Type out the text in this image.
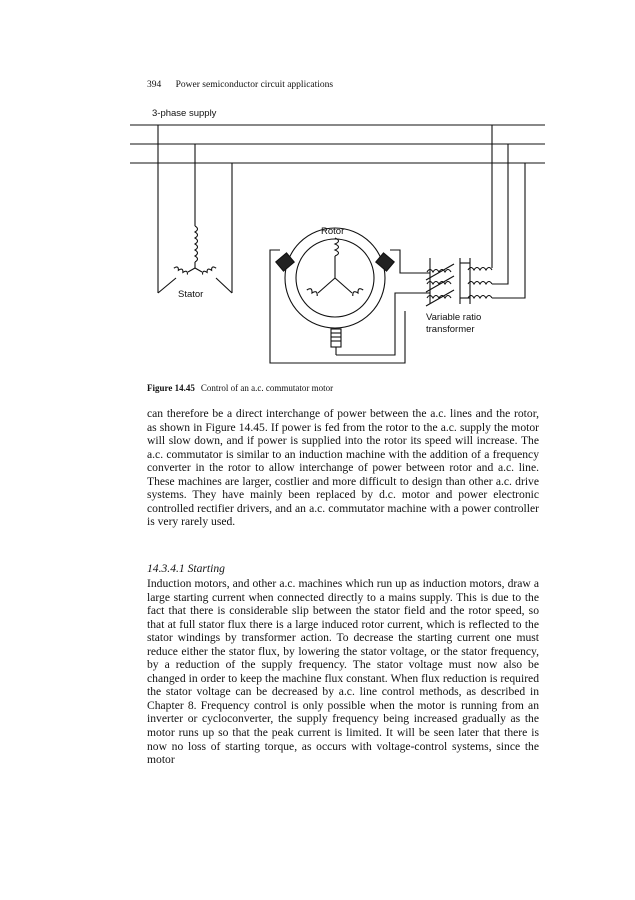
394 Power semiconductor circuit applications
3-phase supply
Rotor
Stator
Variable ratio
transformer
Figure 14.45 Control of an a.c. commutator motor

can therefore be a direct interchange of power between the a.c. lines and the rotor, as shown in Figure 14.45. If power is fed from the rotor to the a.c. supply the motor will slow down, and if power is supplied into the rotor its speed will increase. The a.c. commutator is similar to an induction machine with the addition of a frequency converter in the rotor to allow interchange of power between rotor and a.c. line. These machines are larger, costlier and more difficult to design than other a.c. drive systems. They have mainly been replaced by d.c. motor and power electronic controlled rectifier drivers, and an a.c. commutator machine with a power controller is very rarely used.

14.3.4.1 Starting

Induction motors, and other a.c. machines which run up as induction motors, draw a large starting current when connected directly to a mains supply. This is due to the fact that there is considerable slip between the stator field and the rotor speed, so that at full stator flux there is a large induced rotor current, which is reflected to the stator windings by transformer action. To decrease the starting current one must reduce either the stator flux, by lowering the stator voltage, or the stator frequency, by a reduction of the supply frequency. The stator voltage must now also be changed in order to keep the machine flux constant. When flux reduction is required the stator voltage can be decreased by a.c. line control methods, as described in Chapter 8. Frequency control is only possible when the motor is running from an inverter or cycloconverter, the supply frequency being increased gradually as the motor runs up so that the peak current is limited. It will be seen later that there is now no loss of starting torque, as occurs with voltage-control systems, since the motor
